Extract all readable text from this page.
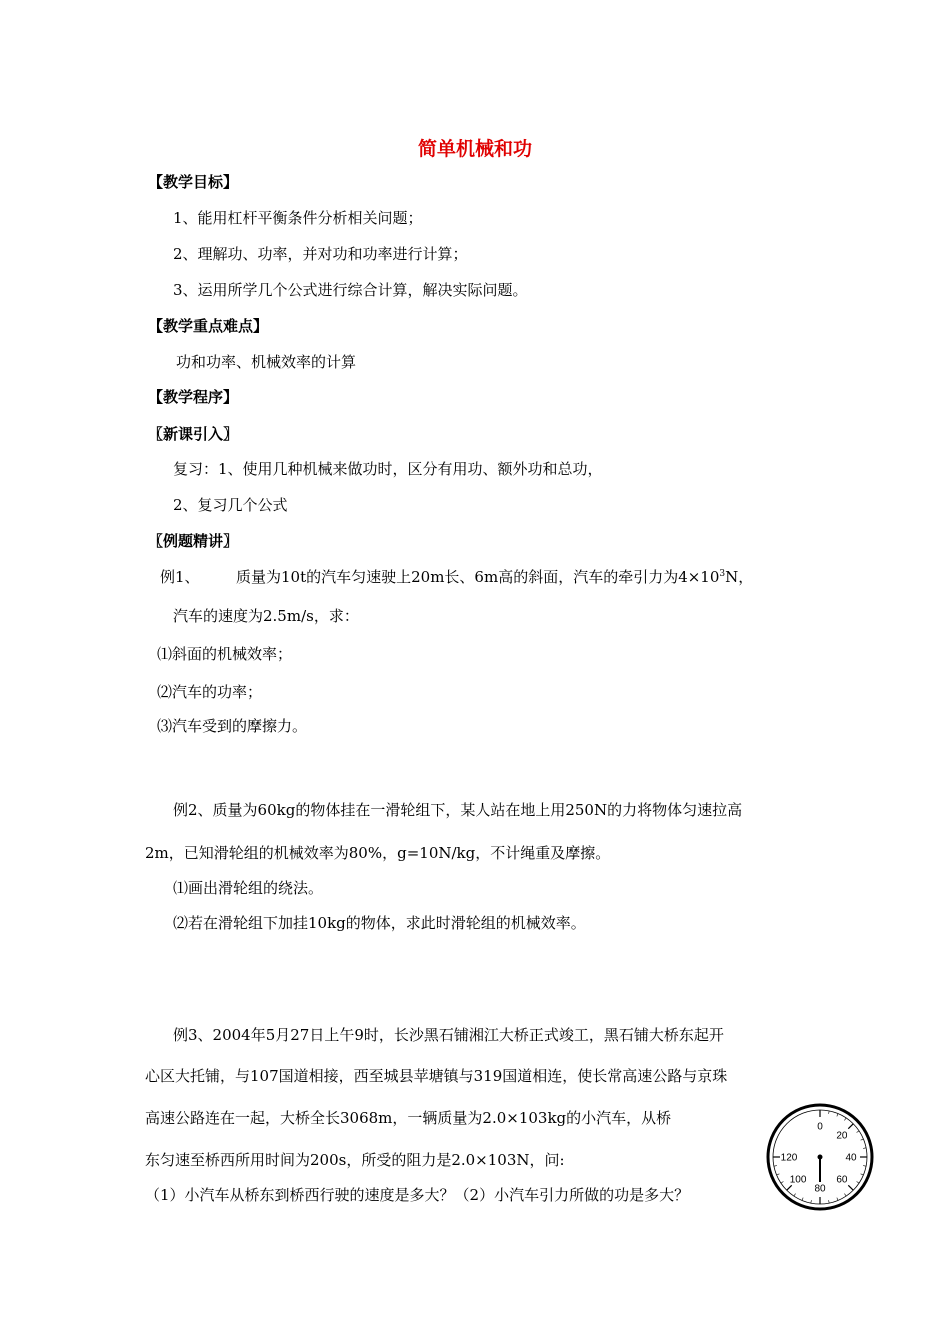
简单机械和功
【教学目标】
1、能用杠杆平衡条件分析相关问题；
2、理解功、功率，并对功和功率进行计算；
3、运用所学几个公式进行综合计算，解决实际问题。
【教学重点难点】
功和功率、机械效率的计算
【教学程序】
〖新课引入〗
复习：1、使用几种机械来做功时，区分有用功、额外功和总功，
2、复习几个公式
〖例题精讲〗
例1、 质量为10t的汽车匀速驶上20m长、6m高的斜面，汽车的牵引力为$4\times 10^3N$，
汽车的速度为2.5m/s，求：
⑴斜面的机械效率；
⑵汽车的功率；
⑶汽车受到的摩擦力。
例2、质量为60kg的物体挂在一滑轮组下，某人站在地上用250N的力将物体匀速拉高
2m，已知滑轮组的机械效率为80%，g=10N/kg，不计绳重及摩擦。
⑴画出滑轮组的绕法。
⑵若在滑轮组下加挂10kg的物体，求此时滑轮组的机械效率。
例3、2004年5月27日上午9时，长沙黑石铺湘江大桥正式竣工，黑石铺大桥东起开
心区大托铺，与107国道相接，西至城县苹塘镇与319国道相连，使长常高速公路与京珠
高速公路连在一起，大桥全长3068m，一辆质量为2.0×103kg的小汽车，从桥
东匀速至桥西所用时间为200s，所受的阻力是2.0×103N，问:
（1）小汽车从桥东到桥西行驶的速度是多大？（2）小汽车引力所做的功是多大？
0
20
40
60
80
100
120
